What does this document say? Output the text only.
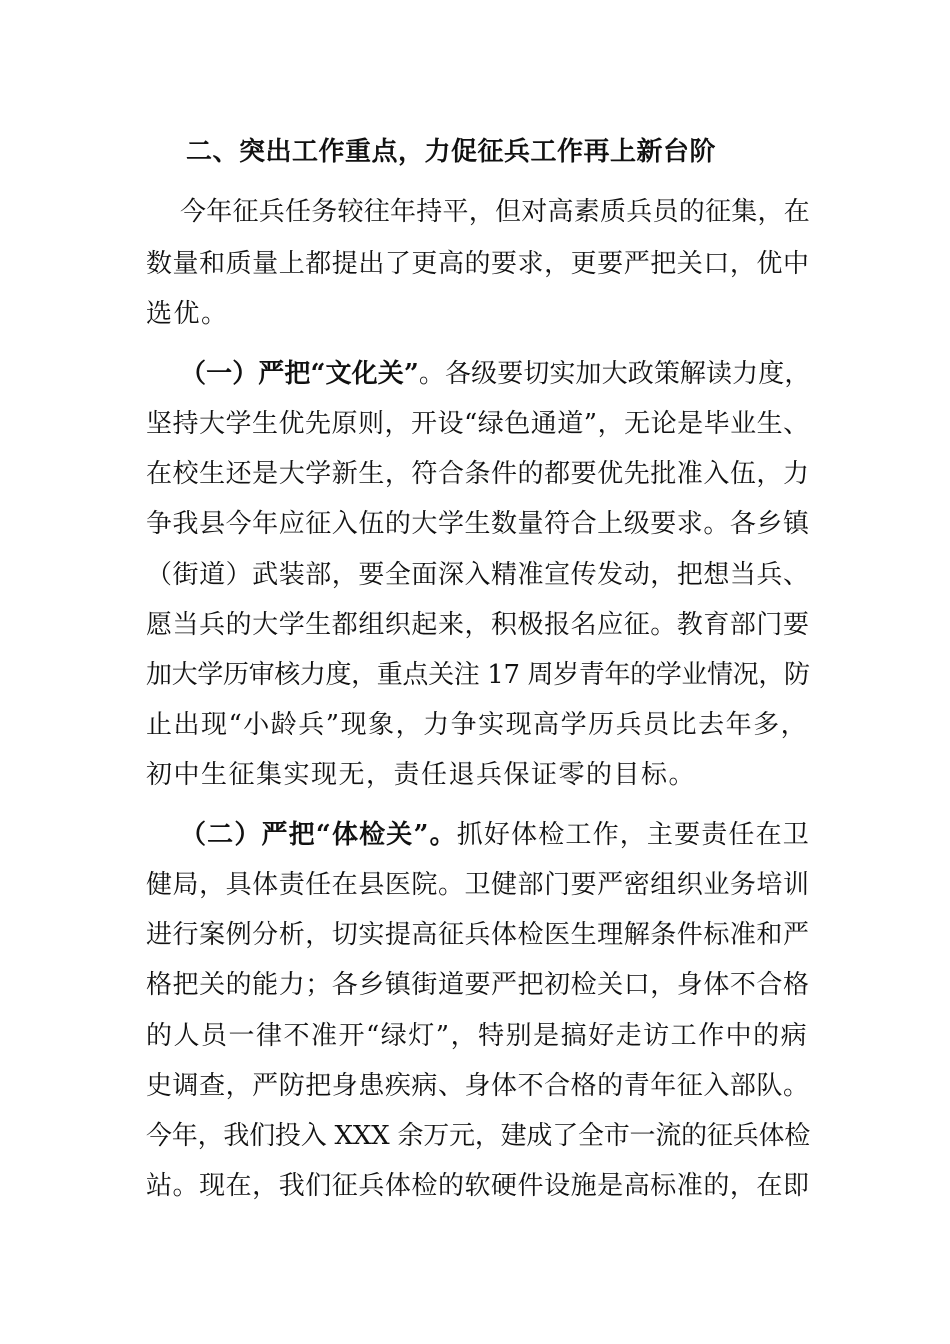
二、突出工作重点，力促征兵工作再上新台阶
今年征兵任务较往年持平，但对高素质兵员的征集，在
数量和质量上都提出了更高的要求，更要严把关口，优中
选优。
（一）严把“文化关”。各级要切实加大政策解读力度，
坚持大学生优先原则，开设“绿色通道”，无论是毕业生、
在校生还是大学新生，符合条件的都要优先批准入伍，力
争我县今年应征入伍的大学生数量符合上级要求。各乡镇
（街道）武装部，要全面深入精准宣传发动，把想当兵、
愿当兵的大学生都组织起来，积极报名应征。教育部门要
加大学历审核力度，重点关注 17 周岁青年的学业情况，防
止出现“小龄兵”现象，力争实现高学历兵员比去年多，
初中生征集实现无，责任退兵保证零的目标。
（二）严把“体检关”。抓好体检工作，主要责任在卫
健局，具体责任在县医院。卫健部门要严密组织业务培训
进行案例分析，切实提高征兵体检医生理解条件标准和严
格把关的能力；各乡镇街道要严把初检关口，身体不合格
的人员一律不准开“绿灯”，特别是搞好走访工作中的病
史调查，严防把身患疾病、身体不合格的青年征入部队。
今年，我们投入 XXX 余万元，建成了全市一流的征兵体检
站。现在，我们征兵体检的软硬件设施是高标准的，在即
